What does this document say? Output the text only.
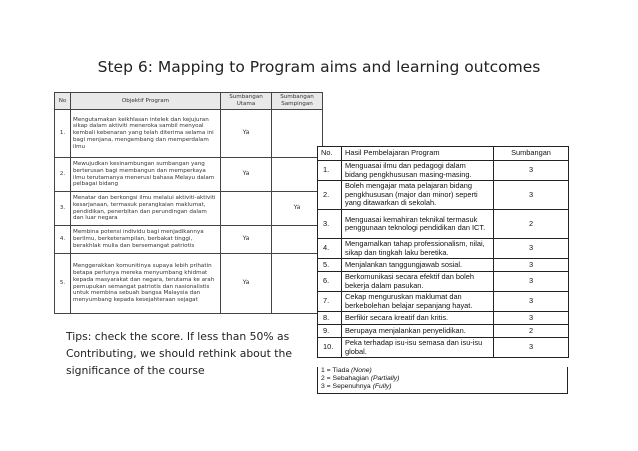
Step 6: Mapping to Program aims and learning outcomes
No	Objektif Program	Sumbangan Utama	Sumbangan Sampingan
1.	Mengutamakan keikhlasan intelek dan kejujuran sikap dalam aktiviti meneroka sambil menyoal kembali kebenaran yang telah diterima selama ini bagi menjana, mengembang dan memperdalam ilmu	Ya	
2.	Mewujudkan kesinambungan sumbangan yang berterusan bagi membangun dan memperkaya ilmu terutamanya menerusi bahasa Melayu dalam pelbagai bidang	Ya	
3.	Menatar dan berkongsi ilmu melalui aktiviti-aktiviti kesarjanaan, termasuk perangkaian maklumat, pendidikan, penerbitan dan perundingan dalam dan luar negara		Ya
4.	Membina potensi individu bagi menjadikannya berilmu, berketerampilan, berbakat tinggi, berakhlak mulia dan bersemangat patriotis	Ya	
5.	Menggerakkan komunitinya supaya lebih prihatin betapa perlunya mereka menyumbang khidmat kepada masyarakat dan negara, terutama ke arah pemupukan semangat patriotis dan nasionalistis untuk membina sebuah bangsa Malaysia dan menyumbang kepada kesejahteraan sejagat	Ya	
No.	Hasil Pembelajaran Program	Sumbangan
1.	Menguasai ilmu dan pedagogi dalam bidang pengkhususan masing-masing.	3
2.	Boleh mengajar mata pelajaran bidang pengkhususan (major dan minor) seperti yang ditawarkan di sekolah.	3
3.	Menguasai kemahiran teknikal termasuk penggunaan teknologi pendidikan dan ICT.	2
4.	Mengamalkan tahap professionalism, nilai, sikap dan tingkah laku beretika.	3
5.	Menjalankan tanggungjawab sosial.	3
6.	Berkomunikasi secara efektif dan boleh bekerja dalam pasukan.	3
7.	Cekap menguruskan maklumat dan berkebolehan belajar sepanjang hayat.	3
8.	Berfikir secara kreatif dan kritis.	3
9.	Berupaya menjalankan penyelidikan.	2
10.	Peka terhadap isu-isu semasa dan isu-isu global.	3
1 = Tiada (None)
2 = Sebahagian (Partially)
3 = Sepenuhnya (Fully)
Tips: check the score. If less than 50% as Contributing, we should rethink about the significance of the course
